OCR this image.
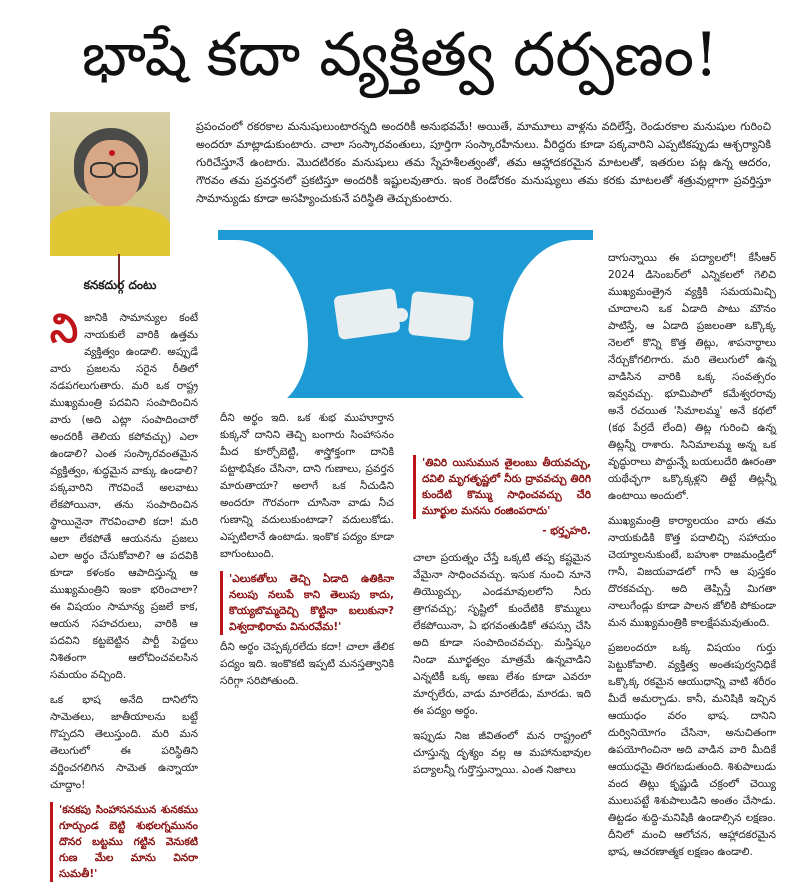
భాషే కదా వ్యక్తిత్వ దర్పణం!
కనకదుర్గ దంటు
ప్రపంచంలో రకరకాల మనుషులుంటారన్నది అందరికీ అనుభవమే! అయితే, మామూలు వాళ్లను వదిలేస్తే, రెండురకాల మనుషుల గురించి అందరూ మాట్లాడుకుంటారు. చాలా సంస్కారవంతులు, పూర్తిగా సంస్కారహీనులు. వీరిద్దరు కూడా పక్కవారిని ఎప్పటికప్పుడు ఆశ్చర్యానికి గురిచేస్తూనే ఉంటారు. మొదటిరకం మనుషులు తమ స్నేహశీలత్వంతో, తమ ఆహ్లాదకరమైన మాటలతో, ఇతరుల పట్ల ఉన్న ఆదరం, గౌరవం తమ ప్రవర్తనలో ప్రకటిస్తూ అందరికీ ఇష్టులవుతారు. ఇంక రెండోరకం మనుష్యులు తమ కరకు మాటలతో శత్రువుల్లాగా ప్రవర్తిస్తూ సామాన్యుడు కూడా అసహ్యించుకునే పరిస్థితి తెచ్చుకుంటారు.

నిజానికి సామాన్యుల కంటే నాయకులే వారికి ఉత్తమ వ్యక్తిత్వం ఉండాలి. అప్పుడే వారు ప్రజలను సరైన రీతిలో నడపగలుగుతారు. మరి ఒక రాష్ట్ర ముఖ్యమంత్రి పదవిని సంపాదించిన వారు (అది ఎట్లా సంపాదించారో అందరికీ తెలియ కపోవచ్చు) ఎలా ఉండాలి? ఎంత సంస్కారవంతమైన వ్యక్తిత్వం, శుద్ధమైన వాక్కు ఉండాలి? పక్కవారిని గౌరవించే అలవాటు లేకపోయినా, తను సంపాదించిన స్థాయినైనా గౌరవించాలి కదా! మరి ఆలా లేకపోతే ఆయనను ప్రజలు ఎలా అర్థం చేసుకోవాలి? ఆ పదవికి కూడా కళంకం ఆపాదిస్తున్న ఆ ముఖ్యమంత్రిని ఇంకా భరించాలా? ఈ విషయం సామాన్య ప్రజలే కాక, ఆయన సహచరులు, వారికి ఆ పదవిని కట్టబెట్టిన పార్టీ పెద్దలు నిశితంగా ఆలోచించవలసిన సమయం వచ్చింది.

ఒక భాష అనేది దానిలోని సామెతలు, జాతీయాలను బట్టే గొప్పదని తెలుస్తుంది. మరి మన తెలుగులో ఈ పరిస్థితిని వర్ణించగలిగిన సామెత ఉన్నాయా చూద్దాం!

'కనకపు సింహాసనమున శునకము గూర్చుండ బెట్టి శుభలగ్నమునం దొనర బట్టము గట్టిన వెనుకటి గుణ మేల మాను వినరా సుమతీ!'

దీని అర్థం ఇది. ఒక శుభ ముహూర్తాన కుక్కనో దానిని తెచ్చి బంగారు సింహాసనం మీద కూర్చోబెట్టి, శాస్త్రోక్తంగా దానికి పట్టాభిషేకం చేసినా, దాని గుణాలు, ప్రవర్తన మారుతాయా? అలాగే ఒక నీచుడిని అందరూ గౌరవంగా చూసినా వాడు నీచ గుణాన్ని వదులుకుంటాడా? వదులుకోడు. ఎప్పటిలానే ఉంటాడు. ఇంకొక పద్యం కూడా బాగుంటుంది.

'ఎలుకతోలు తెచ్చి ఏడాది ఉతికినా నలుపు నలుపే కాని తెలుపు కాదు, కొయ్యబొమ్మదెచ్చి కొట్టినా బలుకునా? విశ్వదాభిరామ వినురవేమ!'

దీని అర్థం చెప్పక్కరలేదు కదా! చాలా తేలిక పద్యం ఇది. ఇంకొకటి ఇప్పటి మనస్తత్వానికి సరిగ్గా సరిపోతుంది.

'తివిరి యిసుమున తైలంబు తీయవచ్చు, దవిలి మృగతృష్ణలో నీరు ద్రావవచ్చు తిరిగి కుందేటి కొమ్ము సాధించవచ్చు చేరి మూర్ఖుల మనసు రంజింపరాదు'
- భర్తృహరి.

చాలా ప్రయత్నం చేస్తే ఒక్కటి తప్ప కష్టమైన వేమైనా సాధించవచ్చు. ఇసుక నుంచి నూనె తియ్యొచ్చు, ఎండమావులలోని నీరు త్రాగవచ్చు; సృష్టిలో కుందేటికి కొమ్ములు లేకపోయినా, ఏ భగవంతుడికో తపస్సు చేసి అది కూడా సంపాదించవచ్చు. మస్తిష్కం నిండా మూర్ఖత్వం మాత్రమే ఉన్నవాడిని ఎన్నటికీ ఒక్క అణు లేశం కూడా ఎవరూ మార్చలేరు, వాడు మారలేడు, మారడు. ఇది ఈ పద్యం అర్థం.

ఇప్పుడు నిజ జీవితంలో మన రాష్ట్రంలో చూస్తున్న దృశ్యం వల్ల ఆ మహానుభావుల పద్యాలన్నీ గుర్తొస్తున్నాయి. ఎంత నిజాలు

దాగున్నాయి ఈ పద్యాలలో! కేసీఆర్ 2024 డిసెంబర్‌లో ఎన్నికలలో గెలిచి ముఖ్యమంత్రైన వ్యక్తికి సమయమిచ్చి చూదాలని ఒక ఏడాది పాటు మౌనం పాటిస్తే, ఆ ఏడాది ప్రజలంతా ఒక్కొక్క నెలలో కొన్ని కొత్త తిట్లు, శాపనార్థాలు నేర్చుకోగలిగారు. మరి తెలుగులో ఉన్న వాడిసిన వారికి ఒక్క సంవత్సరం ఇవ్వవచ్చు. భూమిపాలో కమేశ్వరరావు అనే రచయిత 'సిమాలమ్మ' అనే కథలో (కథ పేర్రదే లేంది) తిట్ల గురించి ఉన్న తిట్లన్నీ రాశారు. సినిమాలమ్మ అన్న ఒక వృద్ధురాలు పొద్దున్నే బయలుదేరి ఊరంతా యథేచ్ఛగా ఒక్కొక్కళ్లని తిట్టే తిట్లన్నీ ఉంటాయి అందులో.

ముఖ్యమంత్రి కార్యాలయం వారు తమ నాయకుడికి కొత్త పదాలిచ్చి సహాయం చెయ్యాలనుకుంటే, బహుశా రాజమండ్రిలో గానీ, విజయవాడలో గానీ ఆ పుస్తకం దొరకవచ్చు. అది తెప్పిస్తే మిగతా నాలుగేండ్లు కూడా పాలన జోలికి పోకుండా మన ముఖ్యమంత్రికి కాలక్షేపమవుతుంది.

ప్రజలందరూ ఒక్క విషయం గుర్తు పెట్టుకోవాలి. వ్యక్తిత్వ అంతఃపుర్వనిధికే ఒక్కొక్క రకమైన ఆయుధాన్ని వాటి శరీరం మీదే అమర్చాడు. కానీ, మనిషికి ఇచ్చిన ఆయుధం వరం భాష. దానిని దుర్వినియోగం చేసినా, అనుచితంగా ఉపయోగించినా అది వాడిన వారి మీదికే ఆయుధమై తిరగబడుతుంది. శిశుపాలుడు వంద తిట్లు కృష్ణుడి చక్రంలో చెయ్యి ములుపట్టే శిశుపాలుడిని అంతం చేసాడు. తిట్టడం శుద్ధి-మనిషికి ఉండాల్సిన లక్షణం. దీనిలో మంచి ఆలోచన, ఆహ్లాదకరమైన భాష, ఆచరణాత్మక లక్షణం ఉండాలి.
